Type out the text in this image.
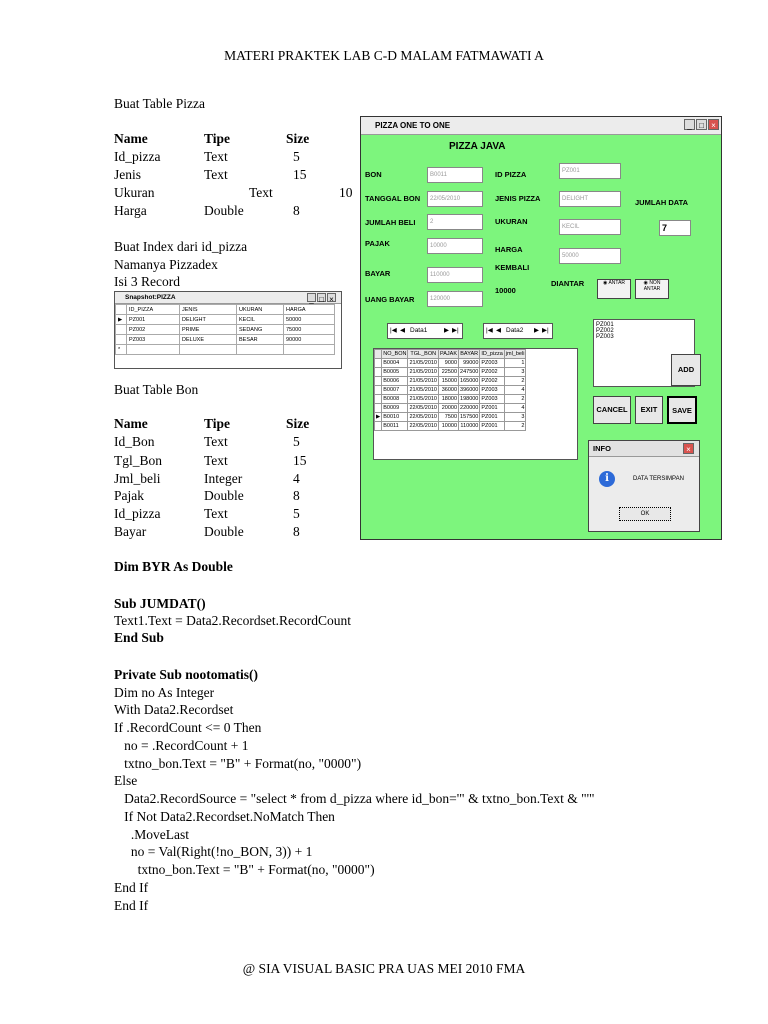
MATERI PRAKTEK LAB C-D MALAM FATMAWATI A
Buat Table Pizza
Name	Tipe	Size
Id_pizza	Text	5
Jenis	Text	15
Ukuran	Text	10
Harga	Double	8
Buat Index dari id_pizza
Namanya Pizzadex
Isi 3 Record
Snapshot:PIZZA	_ □ ×
	ID_PIZZA	JENIS	UKURAN	HARGA
▶	PZ001	DELIGHT	KECIL	50000
	PZ002	PRIME	SEDANG	75000
	PZ003	DELUXE	BESAR	90000
*				
Buat Table Bon
Name	Tipe	Size
Id_Bon	Text	5
Tgl_Bon	Text	15
Jml_beli	Integer	4
Pajak	Double	8
Id_pizza	Text	5
Bayar	Double	8
Dim BYR As Double
Sub JUMDAT()
Text1.Text = Data2.Recordset.RecordCount
End Sub
Private Sub nootomatis()
Dim no As Integer
With Data2.Recordset
If .RecordCount <= 0 Then
no = .RecordCount + 1
txtno_bon.Text = "B" + Format(no, "0000")
Else
Data2.RecordSource = "select * from d_pizza where id_bon='" & txtno_bon.Text & "'"
If Not Data2.Recordset.NoMatch Then
.MoveLast
no = Val(Right(!no_BON, 3)) + 1
txtno_bon.Text = "B" + Format(no, "0000")
End If
End If
PIZZA ONE TO ONE	_ □ ×
PIZZA JAVA
BON	B0011
TANGGAL BON	22/05/2010
JUMLAH BELI	2
PAJAK	10000
BAYAR	110000
UANG BAYAR	120000
ID PIZZA	PZ001
JENIS PIZZA	DELIGHT
UKURAN
KECIL
HARGA
50000
KEMBALI
10000
JUMLAH DATA
7
DIANTAR	◉ ANTAR	◉ NON ANTAR
|◀ ◀ Data1	▶ ▶|	|◀ ◀ Data2 ▶ ▶|
	NO_BON	TGL_BON	PAJAK	BAYAR	ID_pizza	jml_beli
	B0004	21/05/2010	9000	99000	PZ003	1
	B0005	21/05/2010	22500	247500	PZ002	3
	B0006	21/05/2010	15000	165000	PZ002	2
	B0007	21/05/2010	36000	396000	PZ003	4
	B0008	21/05/2010	18000	198000	PZ003	2
	B0009	22/05/2010	20000	220000	PZ001	4
▶	B0010	22/05/2010	7500	157500	PZ001	3
	B0011	22/05/2010	10000	110000	PZ001	2
PZ001
PZ002
PZ003
ADD
CANCEL	EXIT	SAVE
INFO	×
i	DATA TERSIMPAN
OK
@ SIA VISUAL BASIC PRA UAS MEI 2010 FMA
